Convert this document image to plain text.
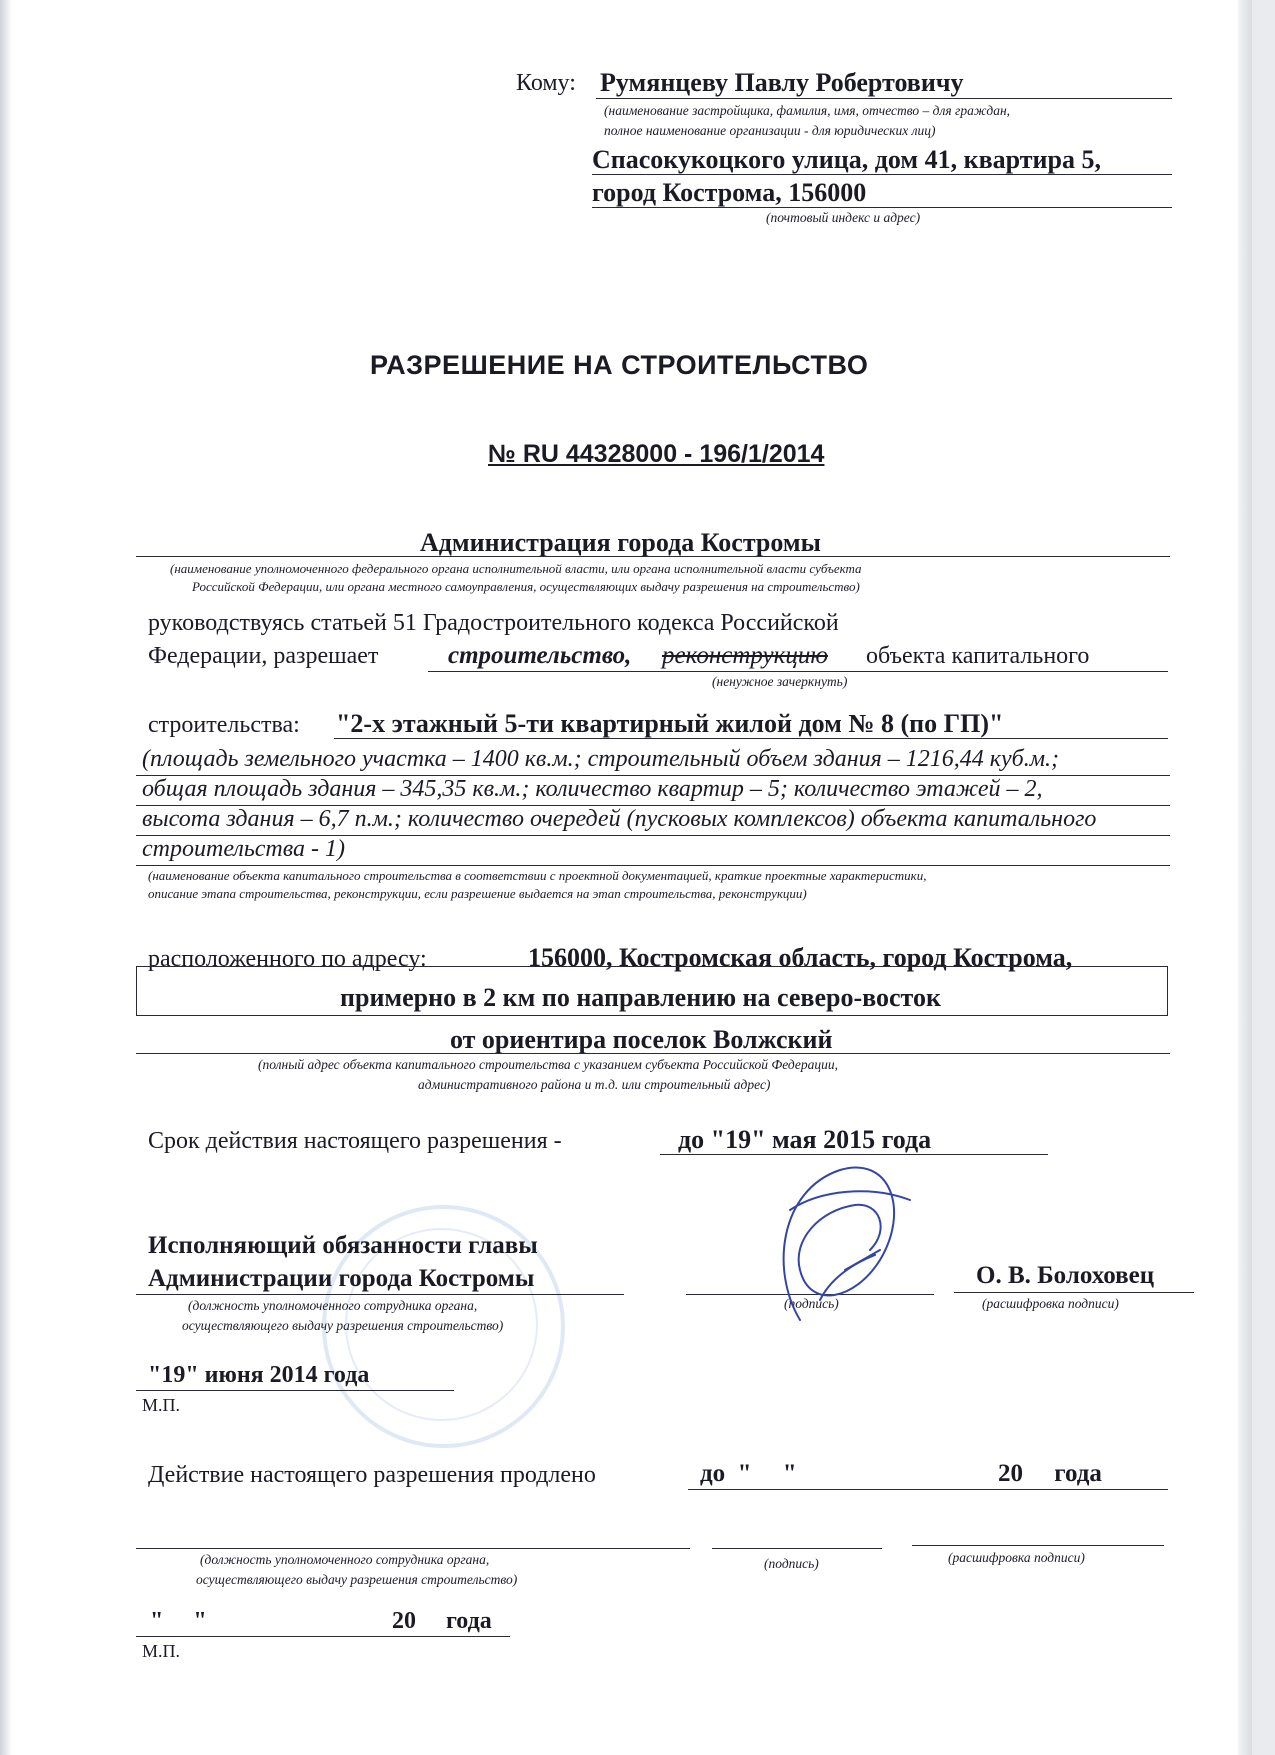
Кому: Румянцеву Павлу Робертовичу
(наименование застройщика, фамилия, имя, отчество – для граждан,
полное наименование организации - для юридических лиц)
Спасокукоцкого улица, дом 41, квартира 5,
город Кострома, 156000
(почтовый индекс и адрес)
РАЗРЕШЕНИЕ НА СТРОИТЕЛЬСТВО
№ RU 44328000 - 196/1/2014
Администрация города Костромы
(наименование уполномоченного федерального органа исполнительной власти, или органа исполнительной власти субъекта
Российской Федерации, или органа местного самоуправления, осуществляющих выдачу разрешения на строительство)
руководствуясь статьей 51 Градостроительного кодекса Российской
Федерации, разрешает	строительство, реконструкцию объекта капитального
(ненужное зачеркнуть)
строительства: "2-х этажный 5-ти квартирный жилой дом № 8 (по ГП)"
(площадь земельного участка – 1400 кв.м.; строительный объем здания – 1216,44 куб.м.;
общая площадь здания – 345,35 кв.м.; количество квартир – 5; количество этажей – 2,
высота здания – 6,7 п.м.; количество очередей (пусковых комплексов) объекта капитального
строительства - 1)
(наименование объекта капитального строительства в соответствии с проектной документацией, краткие проектные характеристики,
описание этапа строительства, реконструкции, если разрешение выдается на этап строительства, реконструкции)
расположенного по адресу:	156000, Костромская область, город Кострома,
примерно в 2 км по направлению на северо-восток
от ориентира поселок Волжский
(полный адрес объекта капитального строительства с указанием субъекта Российской Федерации,
административного района и т.д. или строительный адрес)
Срок действия настоящего разрешения -	до "19" мая 2015 года
Исполняющий обязанности главы
Администрации города Костромы	О. В. Болоховец
(должность уполномоченного сотрудника органа,
осуществляющего выдачу разрешения строительство)
(подпись)	(расшифровка подписи)
"19" июня 2014 года
М.П.
Действие настоящего разрешения продлено	до  "     "	20     года
(должность уполномоченного сотрудника органа,
осуществляющего выдачу разрешения строительство)
(подпись)	(расшифровка подписи)
"     "	20     года
М.П.
